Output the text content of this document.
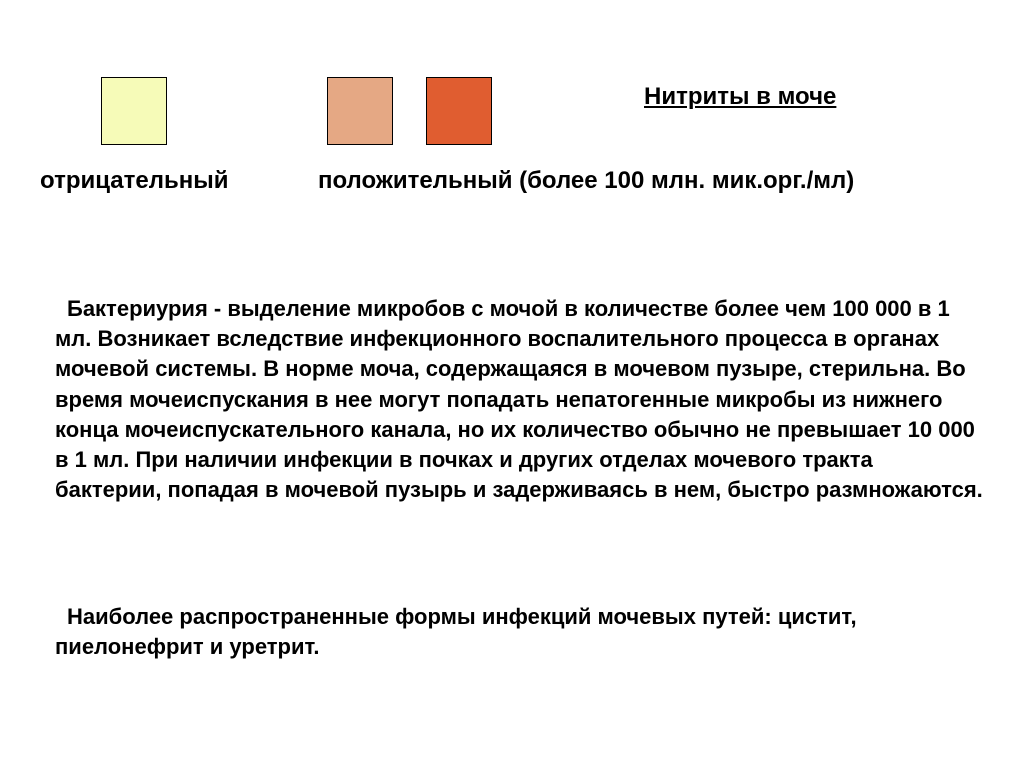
Нитриты в моче
отрицательный	положительный (более 100 млн. мик.орг./мл)

Бактериурия - выделение микробов с мочой в количестве более чем 100 000 в 1 мл. Возникает вследствие инфекционного воспалительного процесса в органах мочевой системы. В норме моча, содержащаяся в мочевом пузыре, стерильна. Во время мочеиспускания в нее могут попадать непатогенные микробы из нижнего конца мочеиспускательного канала, но их количество обычно не превышает 10 000 в 1 мл. При наличии инфекции в почках и других отделах мочевого тракта бактерии, попадая в мочевой пузырь и задерживаясь в нем, быстро размножаются.

Наиболее распространенные формы инфекций мочевых путей: цистит, пиелонефрит и уретрит.
